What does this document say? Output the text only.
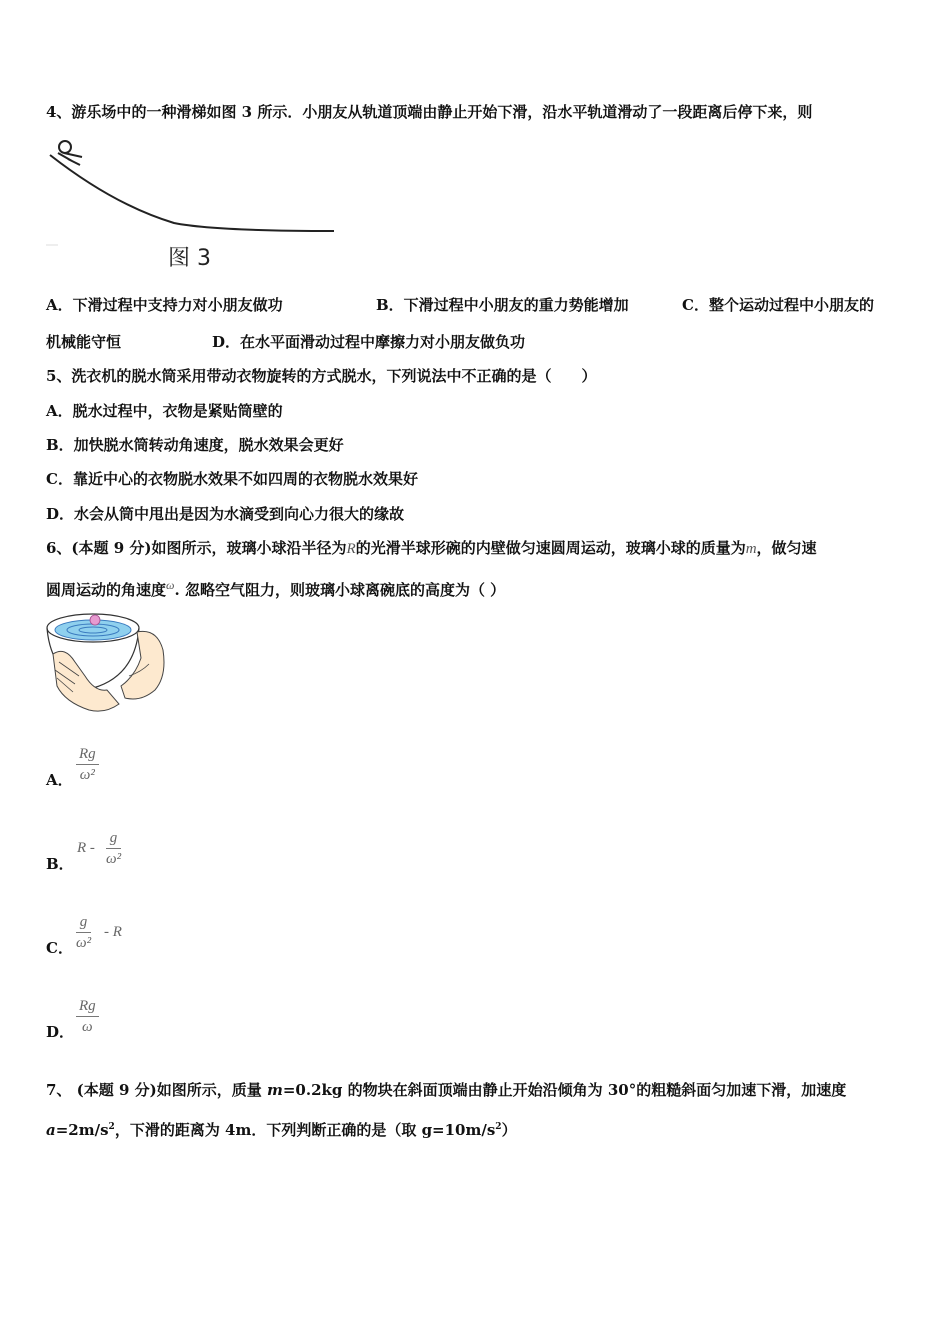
4、游乐场中的一种滑梯如图 3 所示．小朋友从轨道顶端由静止开始下滑，沿水平轨道滑动了一段距离后停下来，则
图 3
A．下滑过程中支持力对小朋友做功	B．下滑过程中小朋友的重力势能增加	C．整个运动过程中小朋友的
机械能守恒	D．在水平面滑动过程中摩擦力对小朋友做负功
5、洗衣机的脱水筒采用带动衣物旋转的方式脱水，下列说法中不正确的是（　　）
A．脱水过程中，衣物是紧贴筒壁的
B．加快脱水筒转动角速度，脱水效果会更好
C．靠近中心的衣物脱水效果不如四周的衣物脱水效果好
D．水会从筒中甩出是因为水滴受到向心力很大的缘故
6、(本题 9 分)如图所示，玻璃小球沿半径为R的光滑半球形碗的内壁做匀速圆周运动，玻璃小球的质量为m，做匀速
圆周运动的角速度$^\omega$. 忽略空气阻力，则玻璃小球离碗底的高度为（ ）
A． $\frac{Rg}{\text{ω²}}$
B．
R - $\frac{g}{\text{ω²}}$
C． $\frac{g}{\text{ω²}}$ - R
D． $\frac{Rg}{\omega}$
7、 (本题 9 分)如图所示，质量 m=0.2kg 的物块在斜面顶端由静止开始沿倾角为 30°的粗糙斜面匀加速下滑，加速度
$a=2m/s^2$，下滑的距离为 4m．下列判断正确的是（取 $g=10m/s^2$）
